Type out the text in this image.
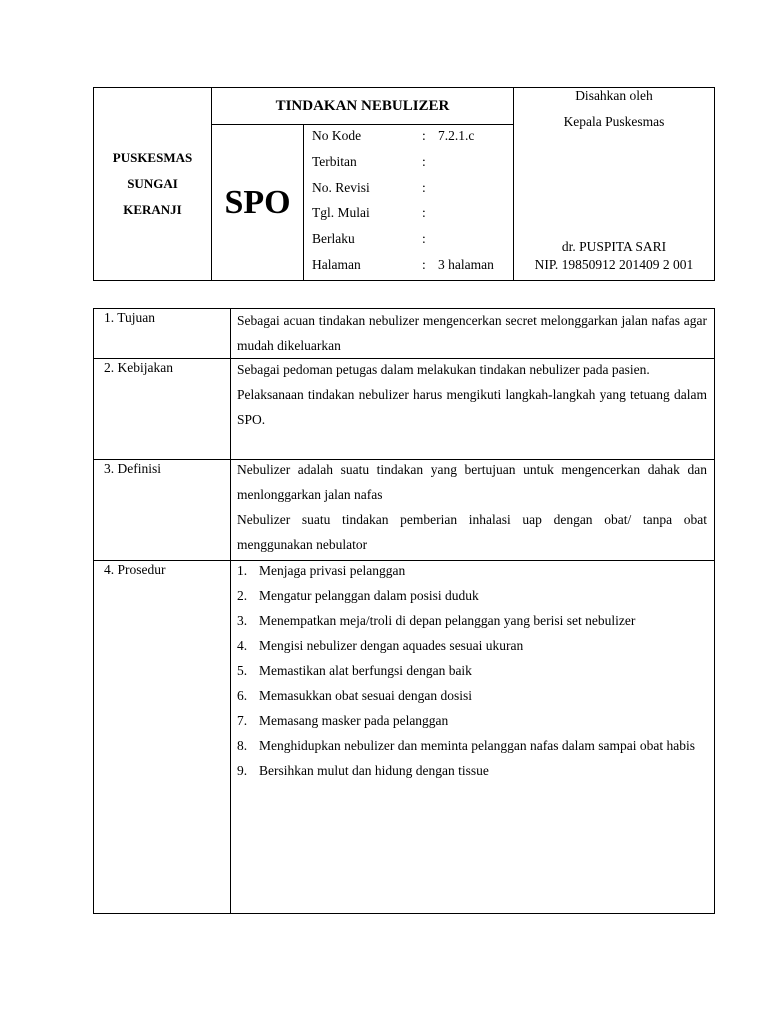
PUSKESMAS
SUNGAI
KERANJI
TINDAKAN NEBULIZER
SPO
No Kode	: 7.2.1.c
Terbitan	:
No. Revisi	:
Tgl. Mulai	:
Berlaku	:
Halaman	: 3 halaman
Disahkan oleh
Kepala Puskesmas
dr. PUSPITA SARI
NIP. 19850912 201409 2 001
1. Tujuan	Sebagai acuan tindakan nebulizer mengencerkan secret melonggarkan jalan nafas agar mudah dikeluarkan

2. Kebijakan	Sebagai pedoman petugas dalam melakukan tindakan nebulizer pada pasien.

Pelaksanaan tindakan nebulizer harus mengikuti langkah-langkah yang tetuang dalam SPO.

3. Definisi	Nebulizer adalah suatu tindakan yang bertujuan untuk mengencerkan dahak dan menlonggarkan jalan nafas

Nebulizer suatu tindakan pemberian inhalasi uap dengan obat/ tanpa obat menggunakan nebulator

4. Prosedur	1. Menjaga privasi pelanggan
2. Mengatur pelanggan dalam posisi duduk
3. Menempatkan meja/troli di depan pelanggan yang berisi set nebulizer
4. Mengisi nebulizer dengan aquades sesuai ukuran
5. Memastikan alat berfungsi dengan baik
6. Memasukkan obat sesuai dengan dosisi
7. Memasang masker pada pelanggan
8. Menghidupkan nebulizer dan meminta pelanggan nafas dalam sampai obat habis
9. Bersihkan mulut dan hidung dengan tissue
